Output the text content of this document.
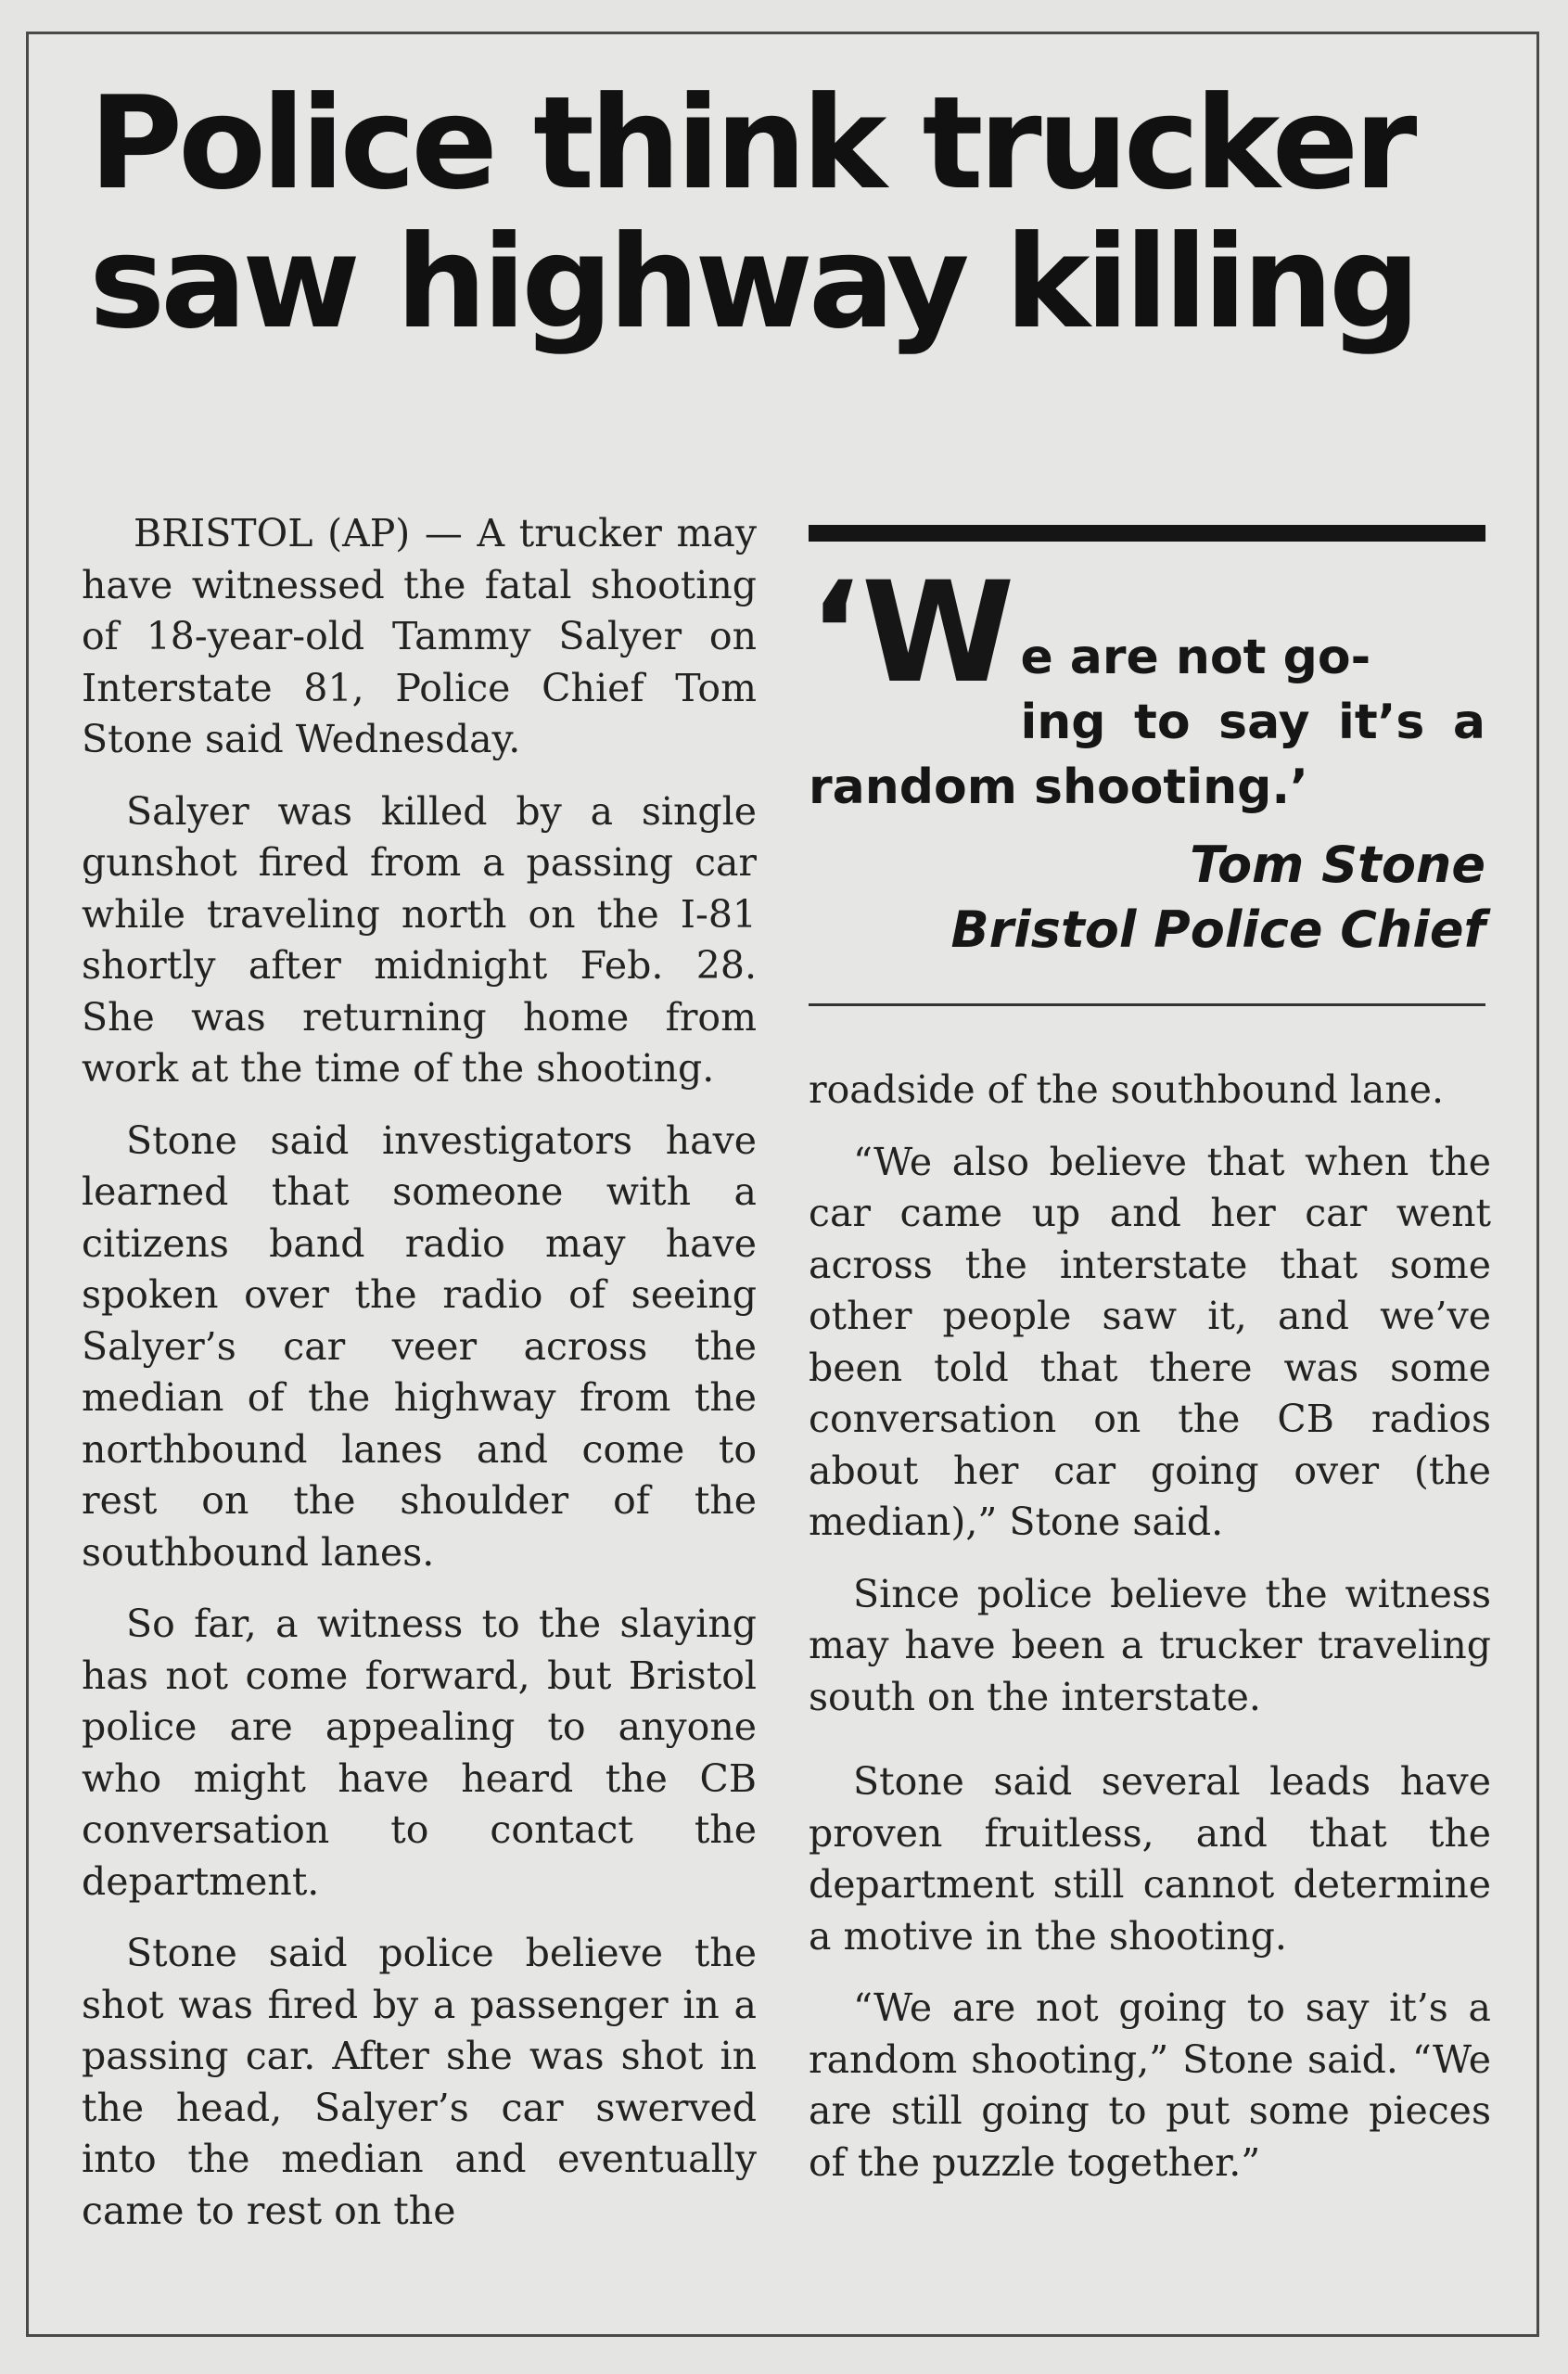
Police think trucker
saw highway killing

BRISTOL (AP) — A trucker may have witnessed the fatal shooting of 18-year-old Tammy Salyer on Interstate 81, Police Chief Tom Stone said Wednesday.

Salyer was killed by a single gunshot fired from a passing car while traveling north on the I-81 shortly after midnight Feb. 28. She was returning home from work at the time of the shooting.

Stone said investigators have learned that someone with a citizens band radio may have spoken over the radio of seeing Salyer’s car veer across the median of the highway from the northbound lanes and come to rest on the shoulder of the southbound lanes.

So far, a witness to the slaying has not come forward, but Bristol police are appealing to anyone who might have heard the CB conversation to contact the department.

Stone said police believe the shot was fired by a passenger in a passing car. After she was shot in the head, Salyer’s car swerved into the median and eventually came to rest on the

‘W e are not go-
ing to say it’s a random shooting.’

Tom Stone
Bristol Police Chief

roadside of the southbound lane.

“We also believe that when the car came up and her car went across the interstate that some other people saw it, and we’ve been told that there was some conversation on the CB radios about her car going over (the median),” Stone said.

Since police believe the witness may have been a trucker traveling south on the interstate.

Stone said several leads have proven fruitless, and that the department still cannot determine a motive in the shooting.

“We are not going to say it’s a random shooting,” Stone said. “We are still going to put some pieces of the puzzle together.”
